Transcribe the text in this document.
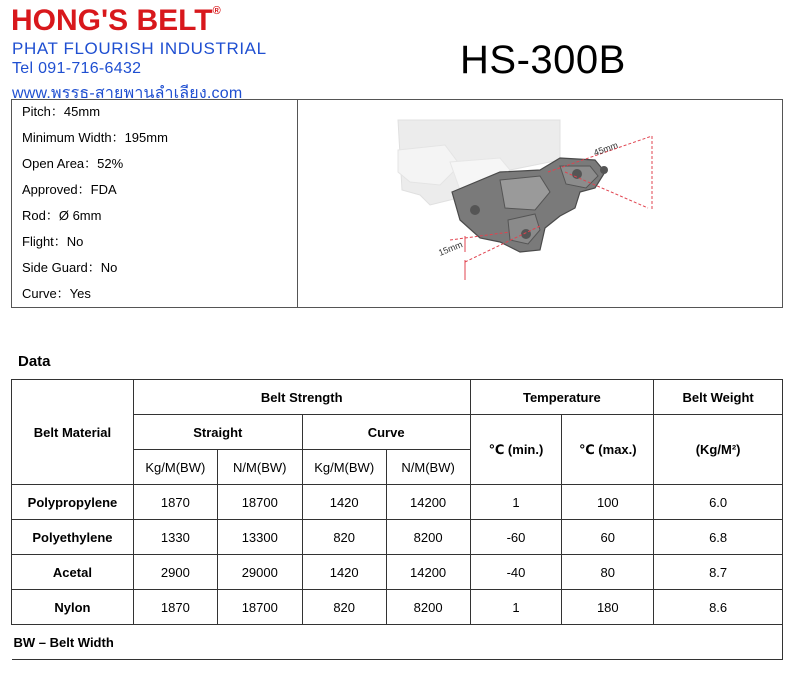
HONG'S BELT®
PHAT FLOURISH INDUSTRIAL
Tel 091-716-6432
www.พรรธ-สายพานลำเลียง.com
HS-300B
Pitch：45mm
Minimum Width：195mm
Open Area：52%
Approved：FDA
Rod：Ø 6mm
Flight：No
Side Guard：No
Curve：Yes
45mm
15mm
Data
Belt Material	Belt Strength				Temperature		Belt Weight
	Straight		Curve		℃ (min.)	℃ (max.)	(Kg/M²)
	Kg/M(BW)	N/M(BW)	Kg/M(BW)	N/M(BW)			
Polypropylene	1870	18700	1420	14200	1	100	6.0
Polyethylene	1330	13300	820	8200	-60	60	6.8
Acetal	2900	29000	1420	14200	-40	80	8.7
Nylon	1870	18700	820	8200	1	180	8.6
BW – Belt Width							
